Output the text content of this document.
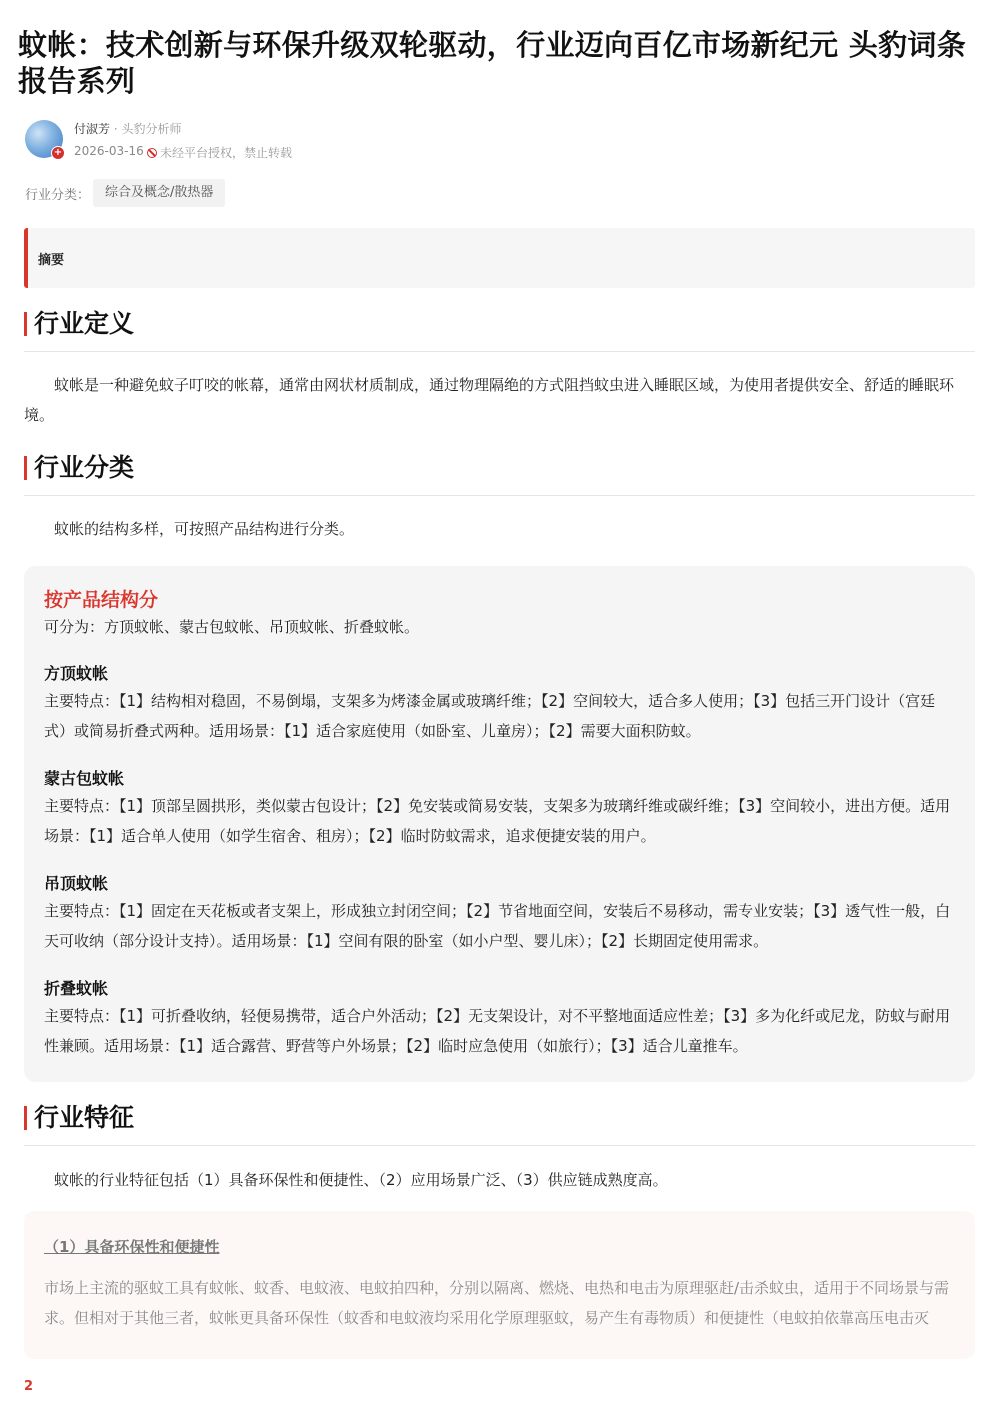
蚊帐：技术创新与环保升级双轮驱动，行业迈向百亿市场新纪元 头豹词条报告系列
+
付淑芳 · 头豹分析师
2026-03-16	未经平台授权，禁止转载
行业分类：	综合及概念/散热器
摘要
行业定义

蚊帐是一种避免蚊子叮咬的帐幕，通常由网状材质制成，通过物理隔绝的方式阻挡蚊虫进入睡眠区域，为使用者提供安全、舒适的睡眠环境。

行业分类

蚊帐的结构多样，可按照产品结构进行分类。

按产品结构分
可分为：方顶蚊帐、蒙古包蚊帐、吊顶蚊帐、折叠蚊帐。
方顶蚊帐
主要特点：【1】结构相对稳固，不易倒塌，支架多为烤漆金属或玻璃纤维；【2】空间较大，适合多人使用；【3】包括三开门设计（宫廷式）或简易折叠式两种。适用场景：【1】适合家庭使用（如卧室、儿童房）；【2】需要大面积防蚊。
蒙古包蚊帐
主要特点：【1】顶部呈圆拱形，类似蒙古包设计；【2】免安装或简易安装，支架多为玻璃纤维或碳纤维；【3】空间较小，进出方便。适用场景：【1】适合单人使用（如学生宿舍、租房）；【2】临时防蚊需求，追求便捷安装的用户。
吊顶蚊帐
主要特点：【1】固定在天花板或者支架上，形成独立封闭空间；【2】节省地面空间，安装后不易移动，需专业安装；【3】透气性一般，白天可收纳（部分设计支持）。适用场景：【1】空间有限的卧室（如小户型、婴儿床）；【2】长期固定使用需求。
折叠蚊帐
主要特点：【1】可折叠收纳，轻便易携带，适合户外活动；【2】无支架设计，对不平整地面适应性差；【3】多为化纤或尼龙，防蚊与耐用性兼顾。适用场景：【1】适合露营、野营等户外场景；【2】临时应急使用（如旅行）；【3】适合儿童推车。
行业特征

蚊帐的行业特征包括（1）具备环保性和便捷性、（2）应用场景广泛、（3）供应链成熟度高。

（1）具备环保性和便捷性
市场上主流的驱蚊工具有蚊帐、蚊香、电蚊液、电蚊拍四种，分别以隔离、燃烧、电热和电击为原理驱赶/击杀蚊虫，适用于不同场景与需求。但相对于其他三者，蚊帐更具备环保性（蚊香和电蚊液均采用化学原理驱蚊，易产生有毒物质）和便捷性（电蚊拍依靠高压电击灭
2
